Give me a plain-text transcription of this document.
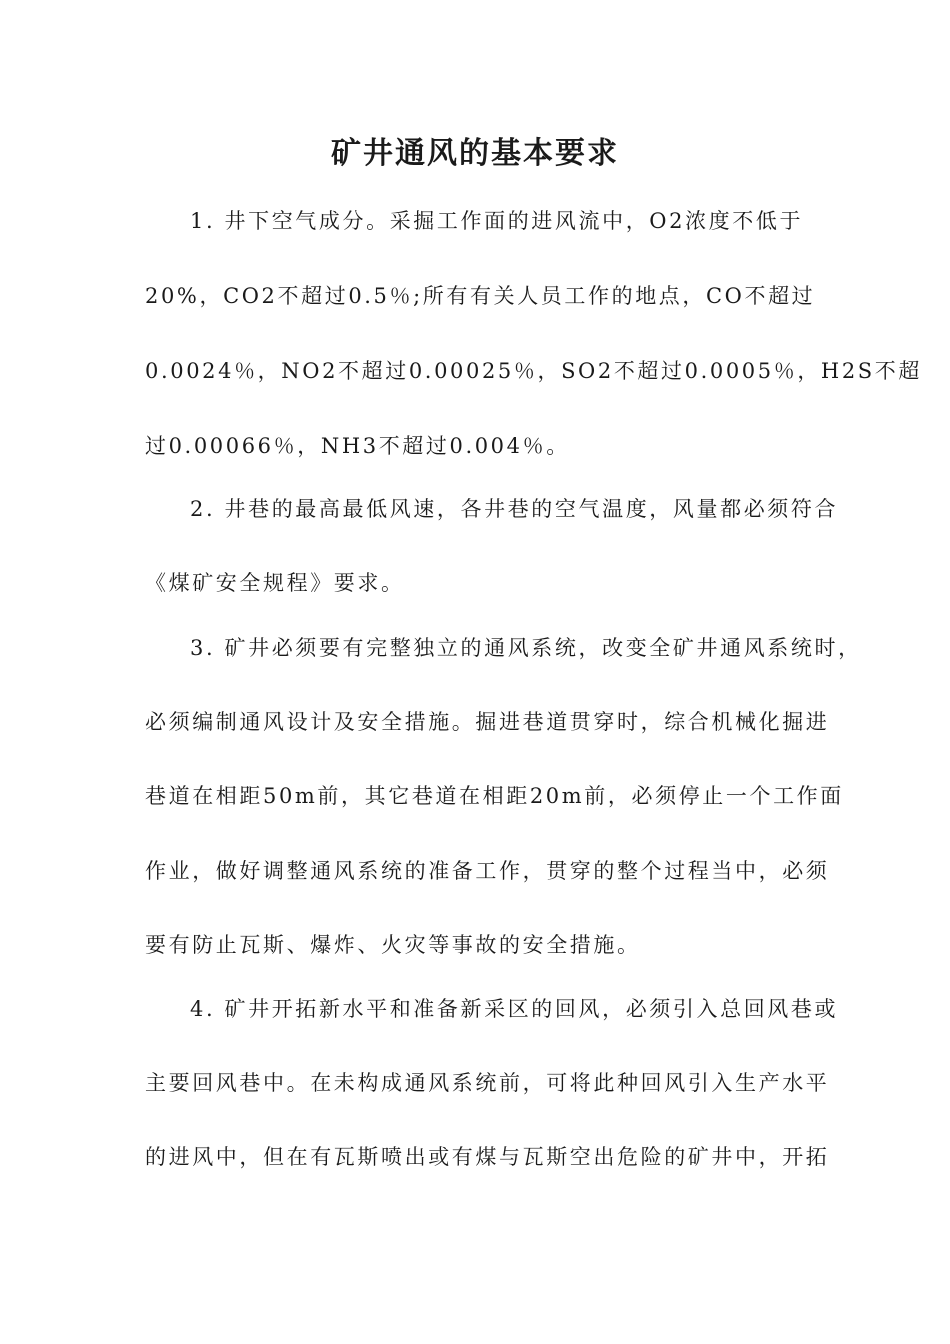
矿井通风的基本要求
1. 井下空气成分。采掘工作面的进风流中，O2浓度不低于
20%，CO2不超过0.5％;所有有关人员工作的地点，CO不超过
0.0024％，NO2不超过0.00025％，SO2不超过0.0005％，H2S不超
过0.00066％，NH3不超过0.004％。
2. 井巷的最高最低风速，各井巷的空气温度，风量都必须符合
《煤矿安全规程》要求。
3. 矿井必须要有完整独立的通风系统，改变全矿井通风系统时，
必须编制通风设计及安全措施。掘进巷道贯穿时，综合机械化掘进
巷道在相距50m前，其它巷道在相距20m前，必须停止一个工作面
作业，做好调整通风系统的准备工作，贯穿的整个过程当中，必须
要有防止瓦斯、爆炸、火灾等事故的安全措施。
4. 矿井开拓新水平和准备新采区的回风，必须引入总回风巷或
主要回风巷中。在未构成通风系统前，可将此种回风引入生产水平
的进风中，但在有瓦斯喷出或有煤与瓦斯空出危险的矿井中，开拓
